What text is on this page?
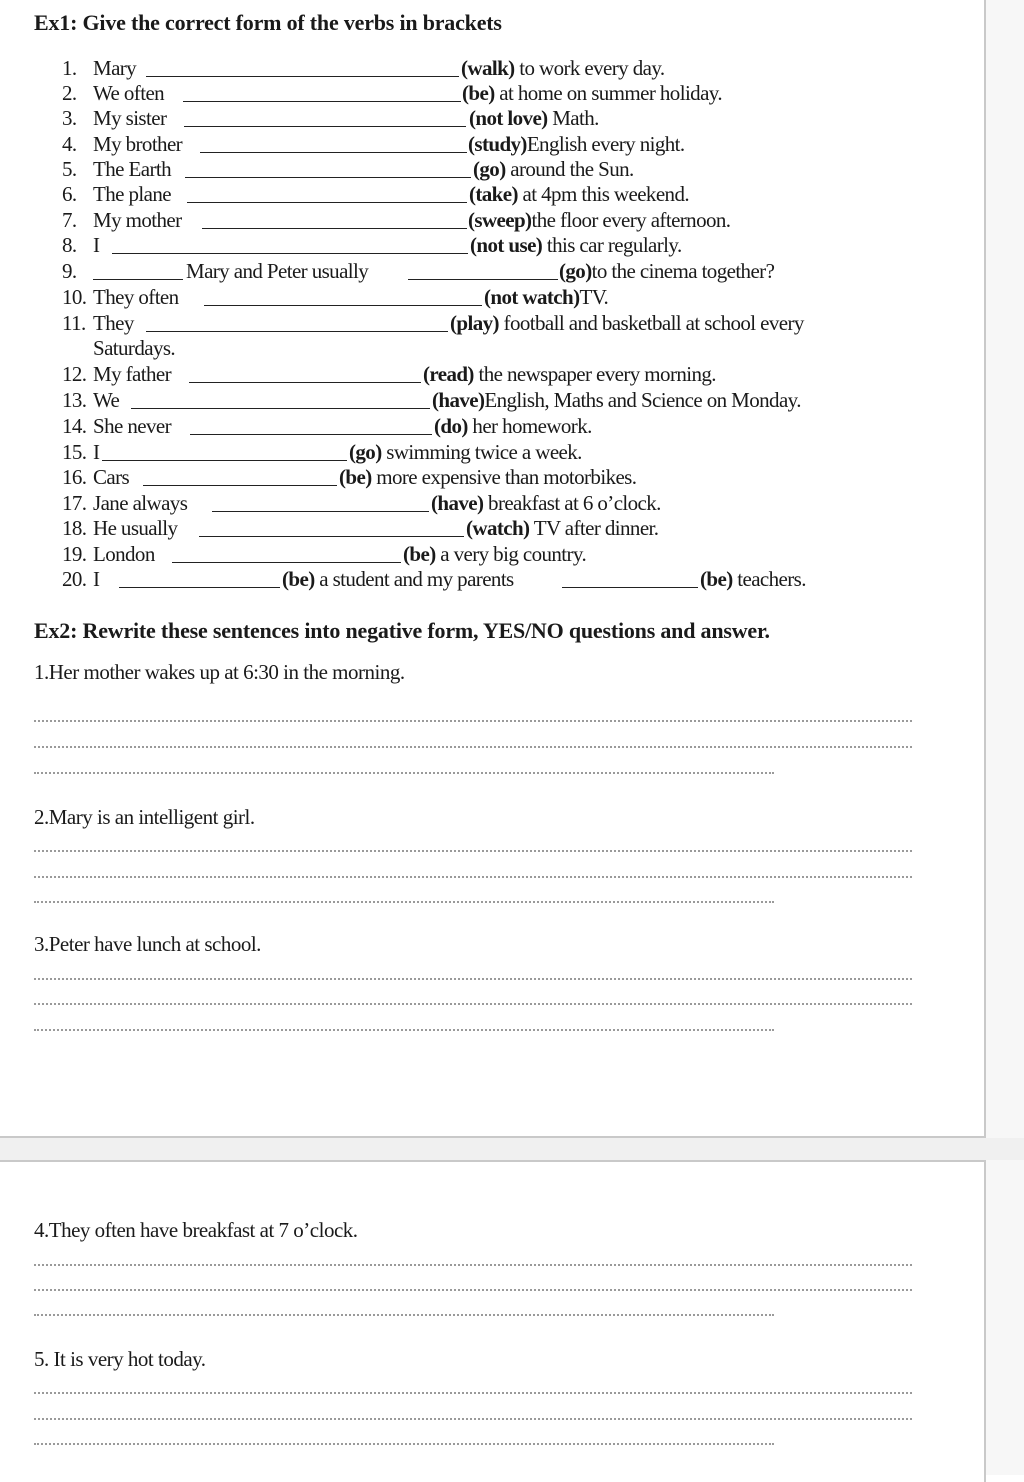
Ex1: Give the correct form of the verbs in brackets
1. Mary	(walk) to work every day.
2. We often	(be) at home on summer holiday.
3. My sister	(not love) Math.
4. My brother	(study)English every night.
5. The Earth	(go) around the Sun.
6. The plane	(take) at 4pm this weekend.
7. My mother	(sweep)the floor every afternoon.
8. I	(not use) this car regularly.
9.	Mary and Peter usually	(go)to the cinema together?
10. They often	(not watch)TV.
11. They	(play) football and basketball at school every
Saturdays.
12. My father	(read) the newspaper every morning.
13. We	(have)English, Maths and Science on Monday.
14. She never	(do) her homework.
15. I	(go) swimming twice a week.
16. Cars	(be) more expensive than motorbikes.
17. Jane always	(have) breakfast at 6 o’clock.
18. He usually	(watch) TV after dinner.
19. London	(be) a very big country.
20. I	(be) a student and my parents	(be) teachers.
Ex2: Rewrite these sentences into negative form, YES/NO questions and answer.
1.Her mother wakes up at 6:30 in the morning.
2.Mary is an intelligent girl.
3.Peter have lunch at school.
4.They often have breakfast at 7 o’clock.
5. It is very hot today.
